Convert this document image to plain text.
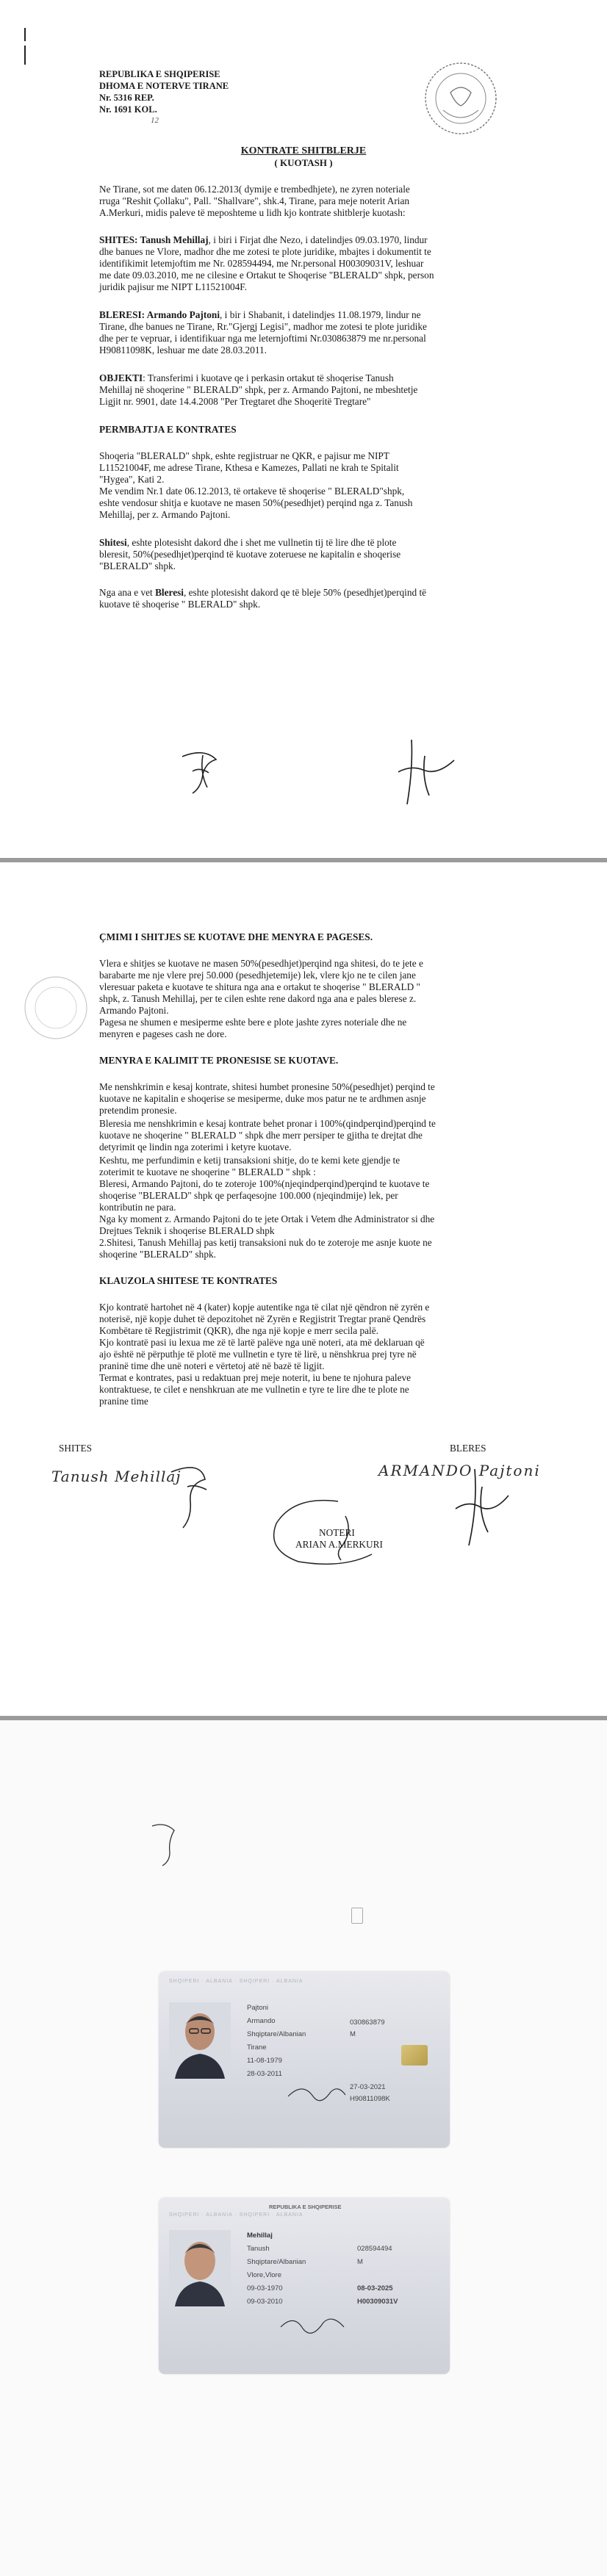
REPUBLIKA E SHQIPERISE
DHOMA E NOTERVE TIRANE
Nr. 5316 REP.
Nr. 1691 KOL.
12
KONTRATE SHITBLERJE
( KUOTASH )
Ne Tirane, sot me daten 06.12.2013( dymije e trembedhjete), ne zyren noteriale
rruga "Reshit Çollaku", Pall. "Shallvare", shk.4, Tirane, para meje noterit Arian
A.Merkuri, midis paleve të meposhteme u lidh kjo kontrate shitblerje kuotash:
SHITES: Tanush Mehillaj, i biri i Firjat dhe Nezo, i datelindjes 09.03.1970, lindur
dhe banues ne Vlore, madhor dhe me zotesi te plote juridike, mbajtes i dokumentit te
identifikimit letemjoftim me Nr. 028594494, me Nr.personal H00309031V, leshuar
me date 09.03.2010, me ne cilesine e Ortakut te Shoqerise "BLERALD" shpk, person
juridik pajisur me NIPT L11521004F.
BLERESI: Armando Pajtoni, i bir i Shabanit, i datelindjes 11.08.1979, lindur ne
Tirane, dhe banues ne Tirane, Rr."Gjergj Legisi", madhor me zotesi te plote juridike
dhe per te vepruar, i identifikuar nga me leternjoftimi Nr.030863879 me nr.personal
H90811098K, leshuar me date 28.03.2011.
OBJEKTI: Transferimi i kuotave qe i perkasin ortakut të shoqerise Tanush
Mehillaj në shoqerine " BLERALD" shpk, per z. Armando Pajtoni, ne mbeshtetje
Ligjit nr. 9901, date 14.4.2008 "Per Tregtaret dhe Shoqeritë Tregtare"
PERMBAJTJA E KONTRATES
Shoqeria "BLERALD" shpk, eshte regjistruar ne QKR, e pajisur me NIPT
L11521004F, me adrese Tirane, Kthesa e Kamezes, Pallati ne krah te Spitalit
"Hygea", Kati 2.
Me vendim Nr.1 date 06.12.2013, të ortakeve të shoqerise " BLERALD"shpk,
eshte vendosur shitja e kuotave ne masen 50%(pesedhjet) perqind nga z. Tanush
Mehillaj, per z. Armando Pajtoni.
Shitesi, eshte plotesisht dakord dhe i shet me vullnetin tij të lire dhe të plote
bleresit, 50%(pesedhjet)perqind të kuotave zoteruese ne kapitalin e shoqerise
"BLERALD" shpk.
Nga ana e vet Bleresi, eshte plotesisht dakord qe të bleje 50% (pesedhjet)perqind të
kuotave të shoqerise " BLERALD" shpk.
ÇMIMI I SHITJES SE KUOTAVE DHE MENYRA E PAGESES.
Vlera e shitjes se kuotave ne masen 50%(pesedhjet)perqind nga shitesi, do te jete e
barabarte me nje vlere prej 50.000 (pesedhjetemije) lek, vlere kjo ne te cilen jane
vleresuar paketa e kuotave te shitura nga ana e ortakut te shoqerise " BLERALD "
shpk, z. Tanush Mehillaj, per te cilen eshte rene dakord nga ana e pales bleresе z.
Armando Pajtoni.
Pagesa ne shumen e mesiperme eshte bere e plote jashte zyres noteriale dhe ne
menyren e pageses cash ne dore.
MENYRA E KALIMIT TE PRONESISE SE KUOTAVE.
Me nenshkrimin e kesaj kontrate, shitesi humbet pronesine 50%(pesedhjet) perqind te
kuotave ne kapitalin e shoqerise se mesiperme, duke mos patur ne te ardhmen asnje
pretendim pronesie.
Bleresia me nenshkrimin e kesaj kontrate behet pronar i 100%(qindperqind)perqind te
kuotave ne shoqerine " BLERALD " shpk dhe merr persiper te gjitha te drejtat dhe
detyrimit qe lindin nga zoterimi i ketyre kuotave.
Keshtu, me perfundimin e ketij transaksioni shitje, do te kemi kete gjendje te
zoterimit te kuotave ne shoqerine " BLERALD " shpk :
Bleresi, Armando Pajtoni, do te zoteroje 100%(njeqindperqind)perqind te kuotave te
shoqerise "BLERALD" shpk qe perfaqesojne 100.000 (njeqindmije) lek, per
kontributin ne para.
Nga ky moment z. Armando Pajtoni do te jete Ortak i Vetem dhe Administrator si dhe
Drejtues Teknik i shoqerise BLERALD shpk
2.Shitesi, Tanush Mehillaj pas ketij transaksioni nuk do te zoteroje me asnje kuote ne
shoqerine "BLERALD" shpk.
KLAUZOLA SHITESE TE KONTRATES
Kjo kontratë hartohet në 4 (kater) kopje autentike nga të cilat një qëndron në zyrën e
noterisë, një kopje duhet të depozitohet në Zyrën e Regjistrit Tregtar pranë Qendrës
Kombëtare të Regjistrimit (QKR), dhe nga një kopje e merr secila palë.
Kjo kontratë pasi iu lexua me zë të lartë palëve nga unë noteri, ata më deklaruan që
ajo është në përputhje të plotë me vullnetin e tyre të lirë, u nënshkrua prej tyre në
praninë time dhe unë noteri e vërtetoj atë në bazë të ligjit.
Termat e kontrates, pasi u redaktuan prej meje noterit, iu bene te njohura paleve
kontraktuese, te cilet e nenshkruan ate me vullnetin e tyre te lire dhe te plote ne
pranine time
SHITES	BLERES
Tanush Mehillaj	ARMANDO Pajtoni
NOTERI
ARIAN A.MERKURI
SHQIPERI · ALBANIA · SHQIPERI · ALBANIA
Pajtoni
Armando
Shqiptare/Albanian	M
Tirane
11-08-1979
28-03-2011
030863879
27-03-2021
H90811098K
REPUBLIKA E SHQIPERISE
SHQIPERI · ALBANIA · SHQIPERI · ALBANIA
Mehillaj
Tanush
Shqiptare/Albanian	M
Vlore,Vlore
09-03-1970
09-03-2010
028594494
08-03-2025
H00309031V
